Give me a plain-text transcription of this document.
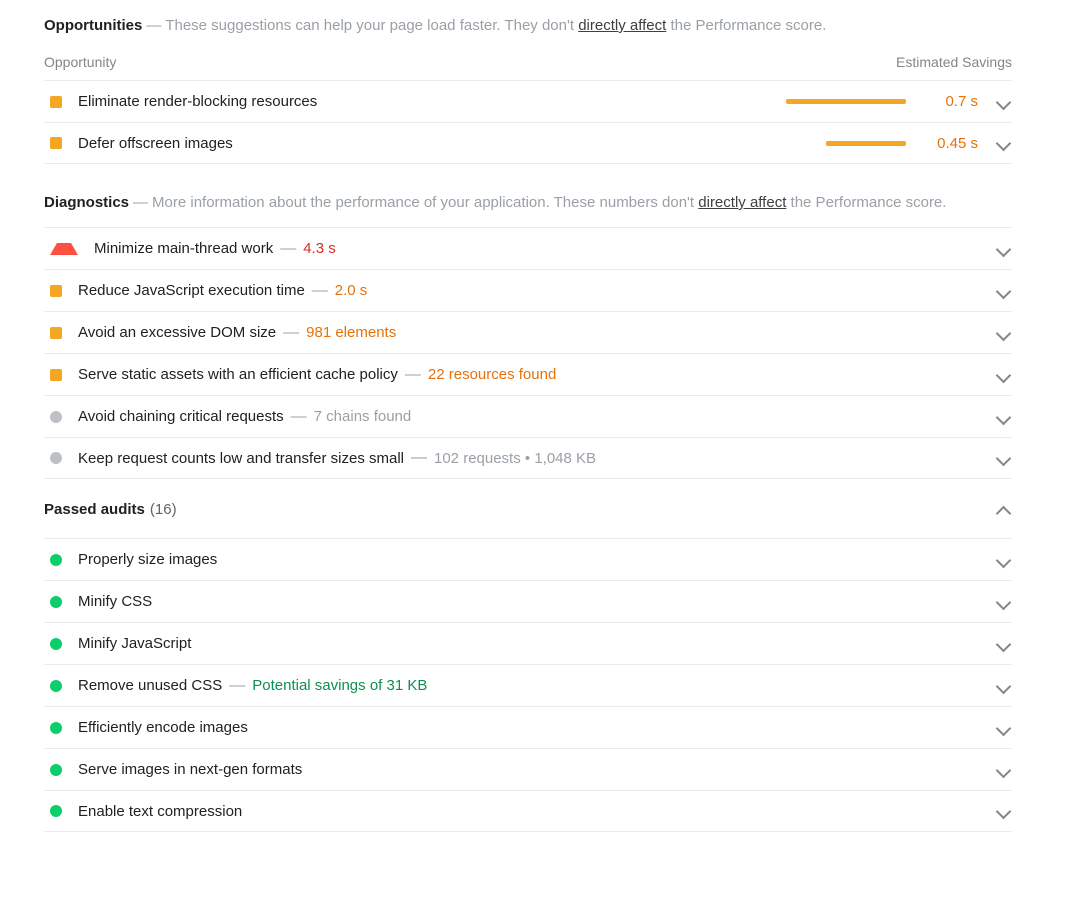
Opportunities — These suggestions can help your page load faster. They don't directly affect the Performance score.
Opportunity	Estimated Savings
Eliminate render-blocking resources	0.7 s
Defer offscreen images	0.45 s
Diagnostics — More information about the performance of your application. These numbers don't directly affect the Performance score.
Minimize main-thread work — 4.3 s
Reduce JavaScript execution time — 2.0 s
Avoid an excessive DOM size — 981 elements
Serve static assets with an efficient cache policy — 22 resources found
Avoid chaining critical requests — 7 chains found
Keep request counts low and transfer sizes small — 102 requests • 1,048 KB
Passed audits (16)
Properly size images
Minify CSS
Minify JavaScript
Remove unused CSS — Potential savings of 31 KB
Efficiently encode images
Serve images in next-gen formats
Enable text compression
